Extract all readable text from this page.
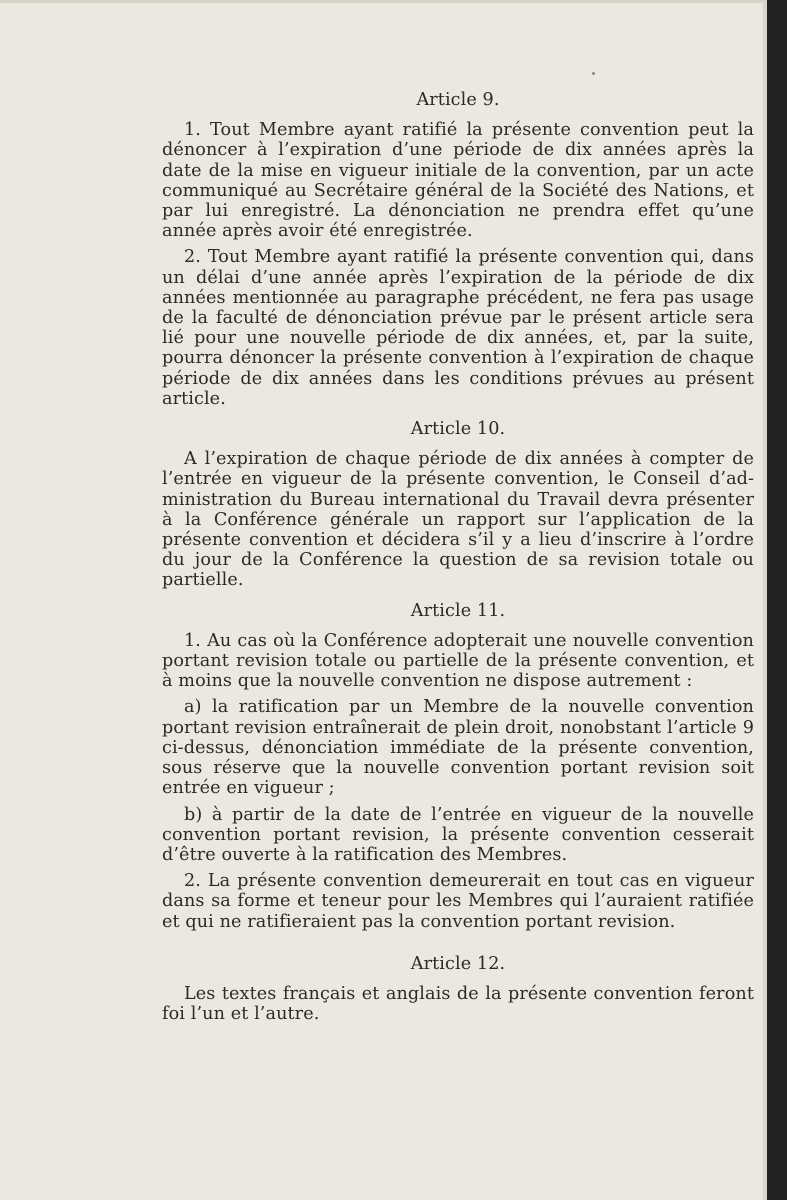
Article 9.

1. Tout Membre ayant ratifié la présente convention peut la dénoncer à l’expiration d’une période de dix années après la date de la mise en vigueur initiale de la convention, par un acte communiqué au Secrétaire général de la Société des Nations, et par lui enregistré. La dénonciation ne prendra effet qu’une année après avoir été enregistrée.

2. Tout Membre ayant ratifié la présente convention qui, dans un délai d’une année après l’expiration de la période de dix années mentionnée au paragraphe précédent, ne fera pas usage de la faculté de dénonciation prévue par le présent article sera lié pour une nouvelle période de dix années, et, par la suite, pourra dénoncer la présente convention à l’expiration de chaque période de dix années dans les conditions prévues au présent article.

Article 10.

A l’expiration de chaque période de dix années à compter de l’entrée en vigueur de la présente convention, le Conseil d’administration du Bureau international du Travail devra présenter à la Conférence générale un rapport sur l’application de la présente convention et décidera s’il y a lieu d’inscrire à l’ordre du jour de la Conférence la question de sa revision totale ou partielle.

Article 11.

1. Au cas où la Conférence adopterait une nouvelle convention portant revision totale ou partielle de la présente convention, et à moins que la nouvelle convention ne dispose autrement :

a) la ratification par un Membre de la nouvelle convention portant revision entraînerait de plein droit, nonobstant l’article 9 ci-dessus, dénonciation immédiate de la présente convention, sous réserve que la nouvelle convention portant revision soit entrée en vigueur ;

b) à partir de la date de l’entrée en vigueur de la nouvelle convention portant revision, la présente convention cesserait d’être ouverte à la ratification des Membres.

2. La présente convention demeurerait en tout cas en vigueur dans sa forme et teneur pour les Membres qui l’auraient ratifiée et qui ne ratifieraient pas la convention portant revision.

Article 12.

Les textes français et anglais de la présente convention feront foi l’un et l’autre.
